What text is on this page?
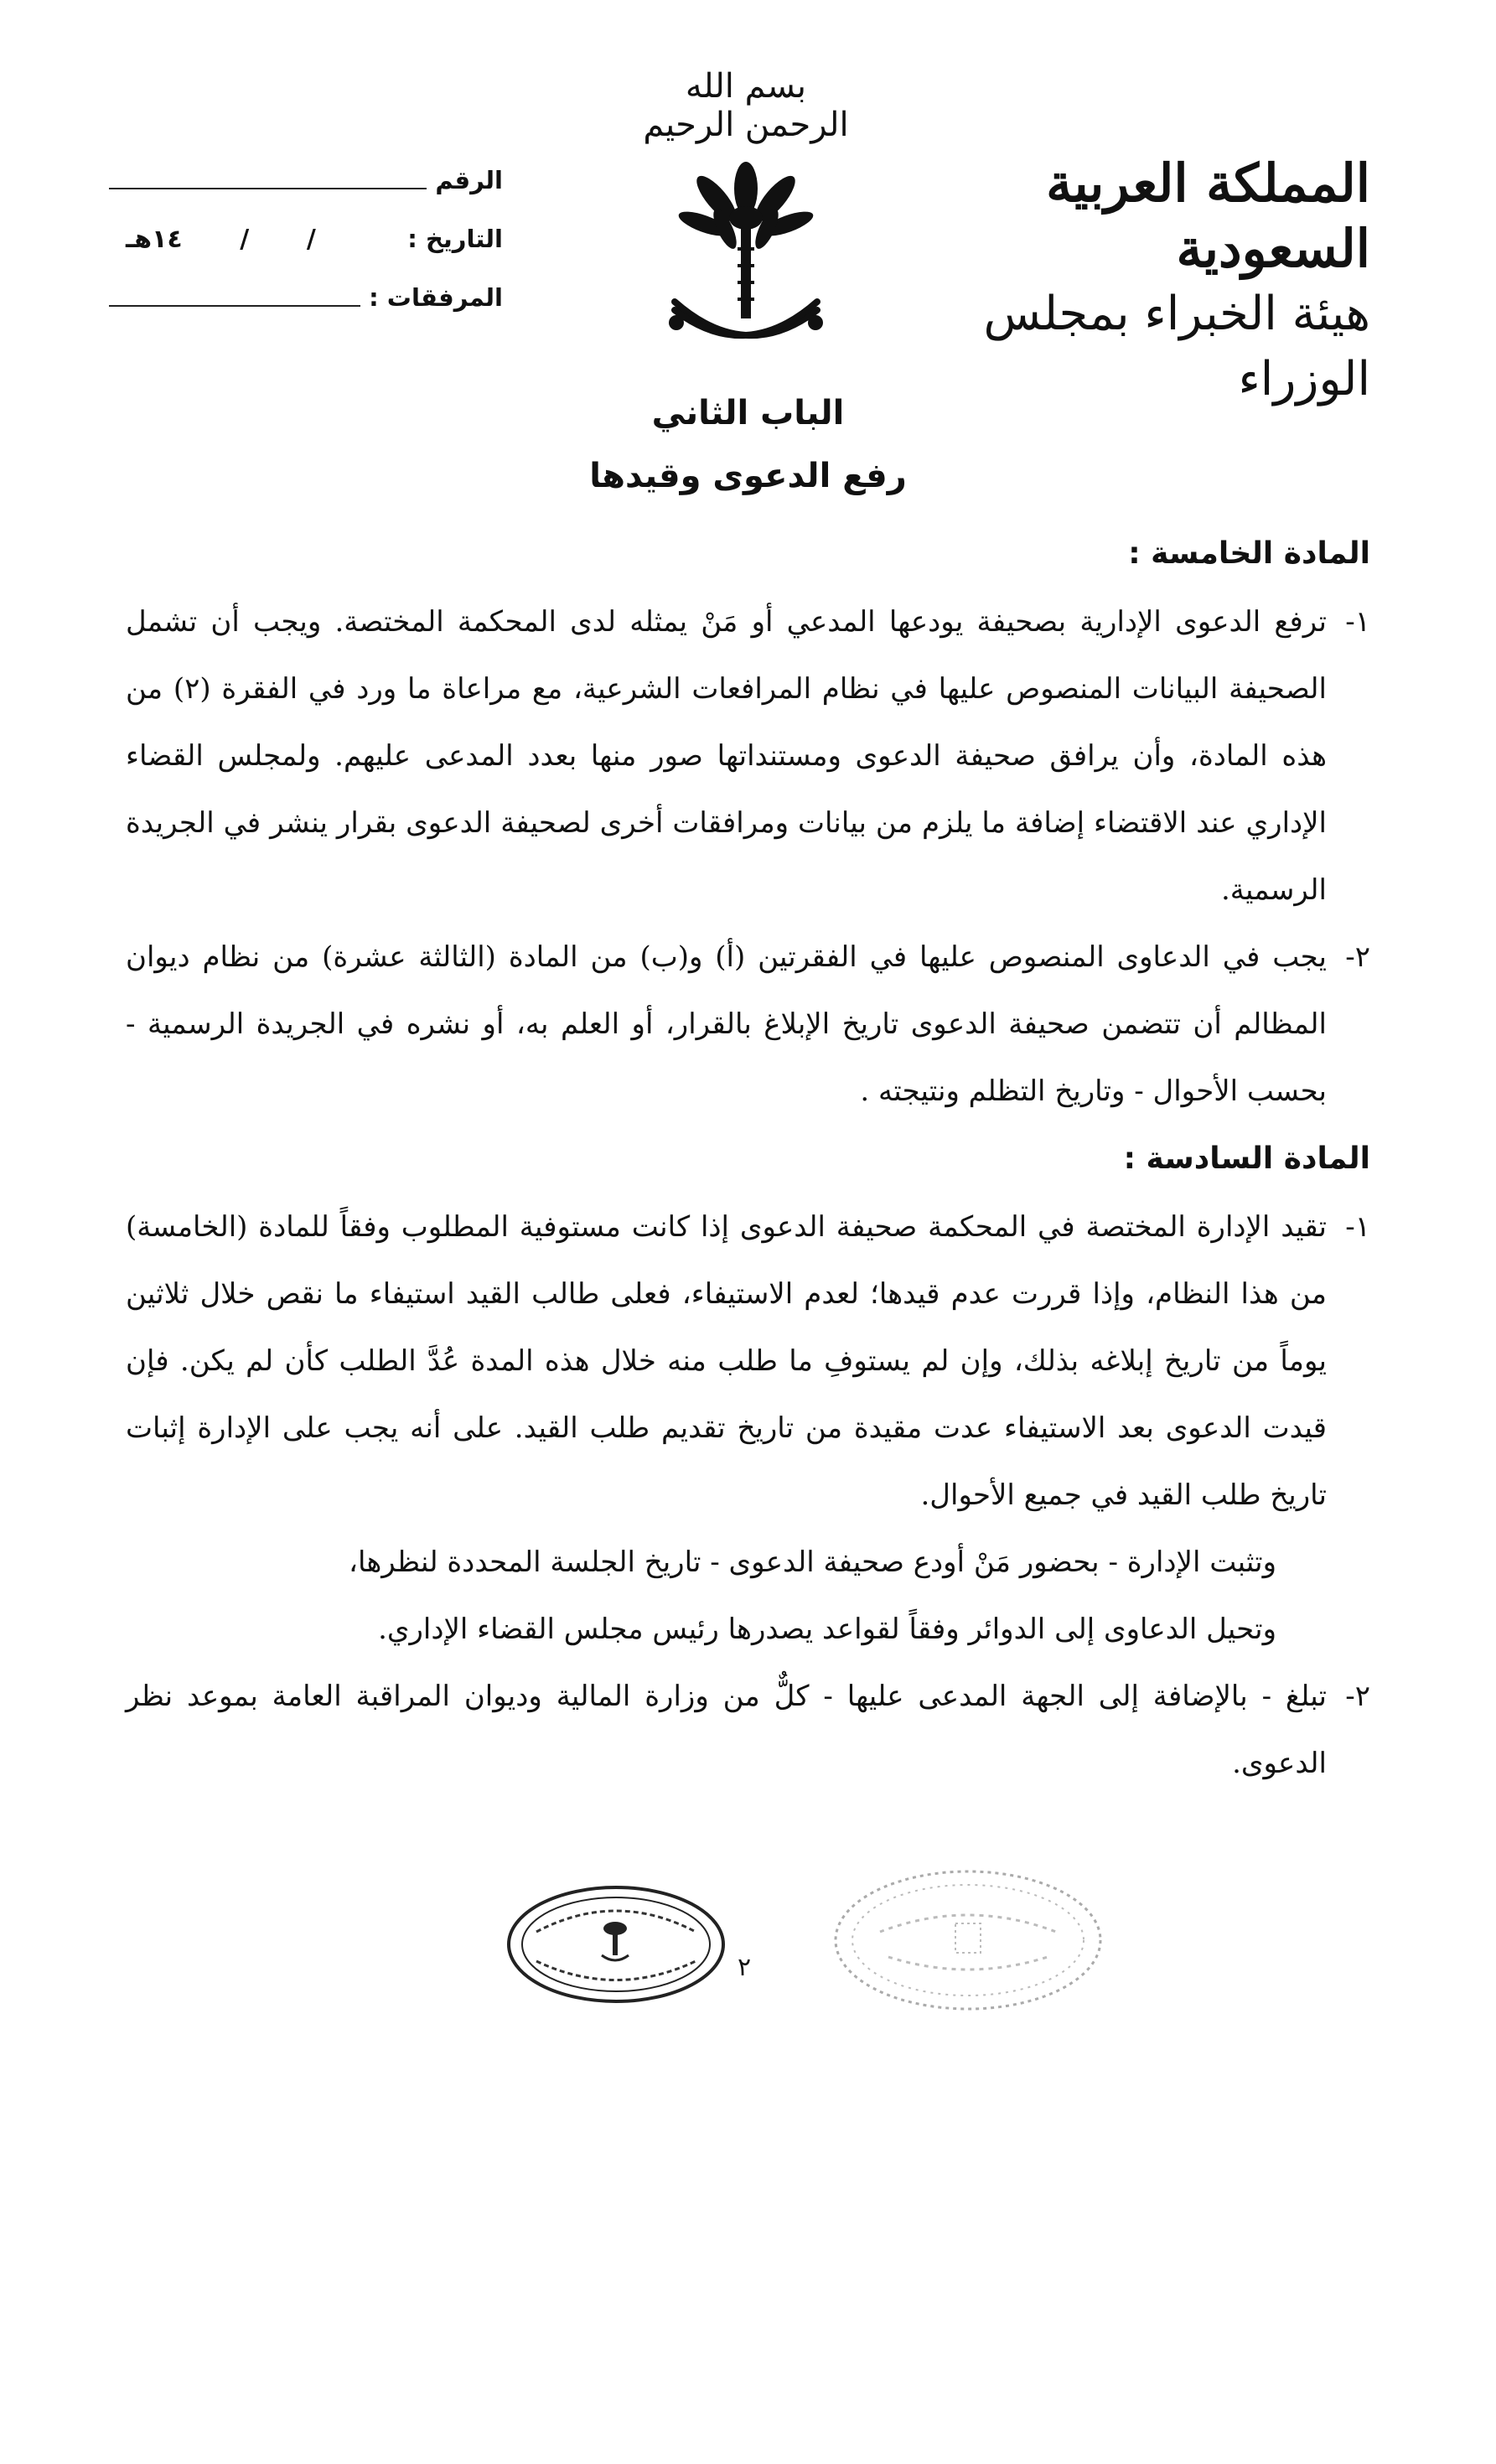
بسم الله الرحمن الرحيم
المملكة العربية السعودية
هيئة الخبراء بمجلس الوزراء
الرقم
التاريخ
:

/
/
١٤هـ
المرفقات
:
الباب الثاني
رفع الدعوى وقيدها
المادة الخامسة :
١-
ترفع الدعوى الإدارية بصحيفة يودعها المدعي أو مَنْ يمثله لدى المحكمة المختصة. ويجب أن تشمل الصحيفة البيانات المنصوص عليها في نظام المرافعات الشرعية، مع مراعاة ما ورد في الفقرة (٢) من هذه المادة، وأن يرافق صحيفة الدعوى ومستنداتها صور منها بعدد المدعى عليهم. ولمجلس القضاء الإداري عند الاقتضاء إضافة ما يلزم من بيانات ومرافقات أخرى لصحيفة الدعوى بقرار ينشر في الجريدة الرسمية.
٢-
يجب في الدعاوى المنصوص عليها في الفقرتين (أ) و(ب) من المادة (الثالثة عشرة) من نظام ديوان المظالم أن تتضمن صحيفة الدعوى تاريخ الإبلاغ بالقرار، أو العلم به، أو نشره في الجريدة الرسمية - بحسب الأحوال - وتاريخ التظلم ونتيجته .
المادة السادسة :
١-
تقيد الإدارة المختصة في المحكمة صحيفة الدعوى إذا كانت مستوفية المطلوب وفقاً للمادة (الخامسة) من هذا النظام، وإذا قررت عدم قيدها؛ لعدم الاستيفاء، فعلى طالب القيد استيفاء ما نقص خلال ثلاثين يوماً من تاريخ إبلاغه بذلك، وإن لم يستوفِ ما طلب منه خلال هذه المدة عُدَّ الطلب كأن لم يكن. فإن قيدت الدعوى بعد الاستيفاء عدت مقيدة من تاريخ تقديم طلب القيد. على أنه يجب على الإدارة إثبات تاريخ طلب القيد في جميع الأحوال.
وتثبت الإدارة - بحضور مَنْ أودع صحيفة الدعوى - تاريخ الجلسة المحددة لنظرها،
وتحيل الدعاوى إلى الدوائر وفقاً لقواعد يصدرها رئيس مجلس القضاء الإداري.
٢-
تبلغ - بالإضافة إلى الجهة المدعى عليها - كلٌّ من وزارة المالية وديوان المراقبة العامة بموعد نظر الدعوى.
٢
